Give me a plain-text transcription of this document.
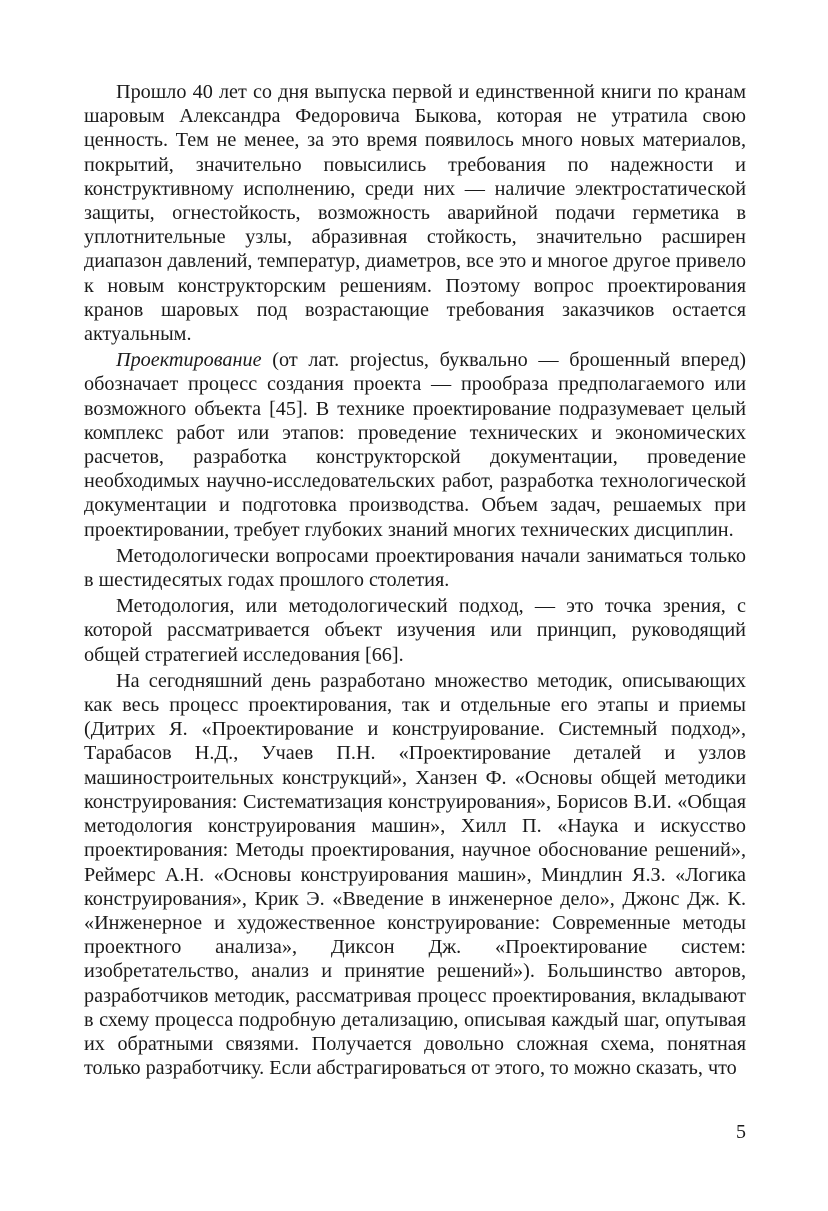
Прошло 40 лет со дня выпуска первой и единственной книги по кранам шаровым Александра Федоровича Быкова, которая не утратила свою ценность. Тем не менее, за это время появилось много новых материалов, покрытий, значительно повысились требования по надежности и конструктивному исполнению, среди них — наличие электростатической защиты, огнестойкость, возможность аварийной подачи герметика в уплотнительные узлы, абразивная стойкость, значительно расширен диапазон давлений, температур, диаметров, все это и многое другое привело к новым конструкторским решениям. Поэтому вопрос проектирования кранов шаровых под возрастающие требования заказчиков остается актуальным.

Проектирование (от лат. projectus, буквально — брошенный вперед) обозначает процесс создания проекта — прообраза предполагаемого или возможного объекта [45]. В технике проектирование подразумевает целый комплекс работ или этапов: проведение технических и экономических расчетов, разработка конструкторской документации, проведение необходимых научно-исследовательских работ, разработка технологической документации и подготовка производства. Объем задач, решаемых при проектировании, требует глубоких знаний многих технических дисциплин.

Методологически вопросами проектирования начали заниматься только в шестидесятых годах прошлого столетия.

Методология, или методологический подход, — это точка зрения, с которой рассматривается объект изучения или принцип, руководящий общей стратегией исследования [66].

На сегодняшний день разработано множество методик, описывающих как весь процесс проектирования, так и отдельные его этапы и приемы (Дитрих Я. «Проектирование и конструирование. Системный подход», Тарабасов Н.Д., Учаев П.Н. «Проектирование деталей и узлов машиностроительных конструкций», Ханзен Ф. «Основы общей методики конструирования: Систематизация конструирования», Борисов В.И. «Общая методология конструирования машин», Хилл П. «Наука и искусство проектирования: Методы проектирования, научное обоснование решений», Реймерс А.Н. «Основы конструирования машин», Миндлин Я.З. «Логика конструирования», Крик Э. «Введение в инженерное дело», Джонс Дж. К. «Инженерное и художественное конструирование: Современные методы проектного анализа», Диксон Дж. «Проектирование систем: изобретательство, анализ и принятие решений»). Большинство авторов, разработчиков методик, рассматривая процесс проектирования, вкладывают в схему процесса подробную детализацию, описывая каждый шаг, опутывая их обратными связями. Получается довольно сложная схема, понятная только разработчику. Если абстрагироваться от этого, то можно сказать, что

5
